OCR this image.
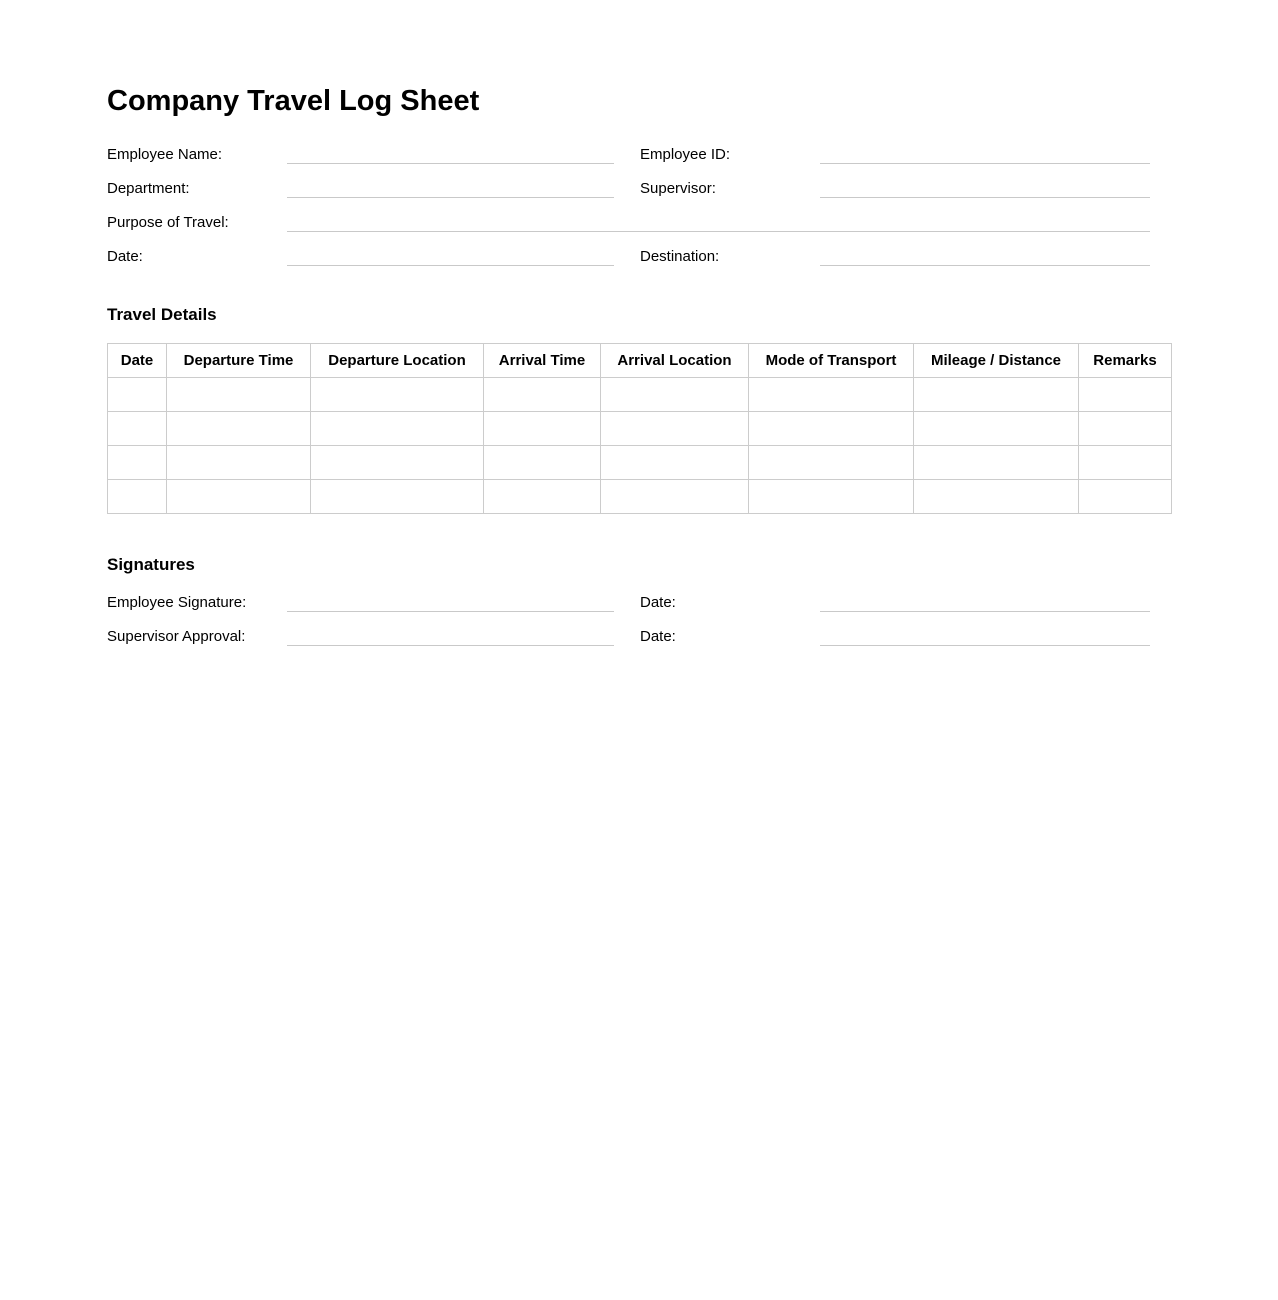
Company Travel Log Sheet
Employee Name:	Employee ID:
Department:	Supervisor:
Purpose of Travel:
Date:	Destination:
Travel Details
Date	Departure Time	Departure Location	Arrival Time	Arrival Location	Mode of Transport	Mileage / Distance	Remarks

Signatures
Employee Signature:	Date:
Supervisor Approval:	Date:
